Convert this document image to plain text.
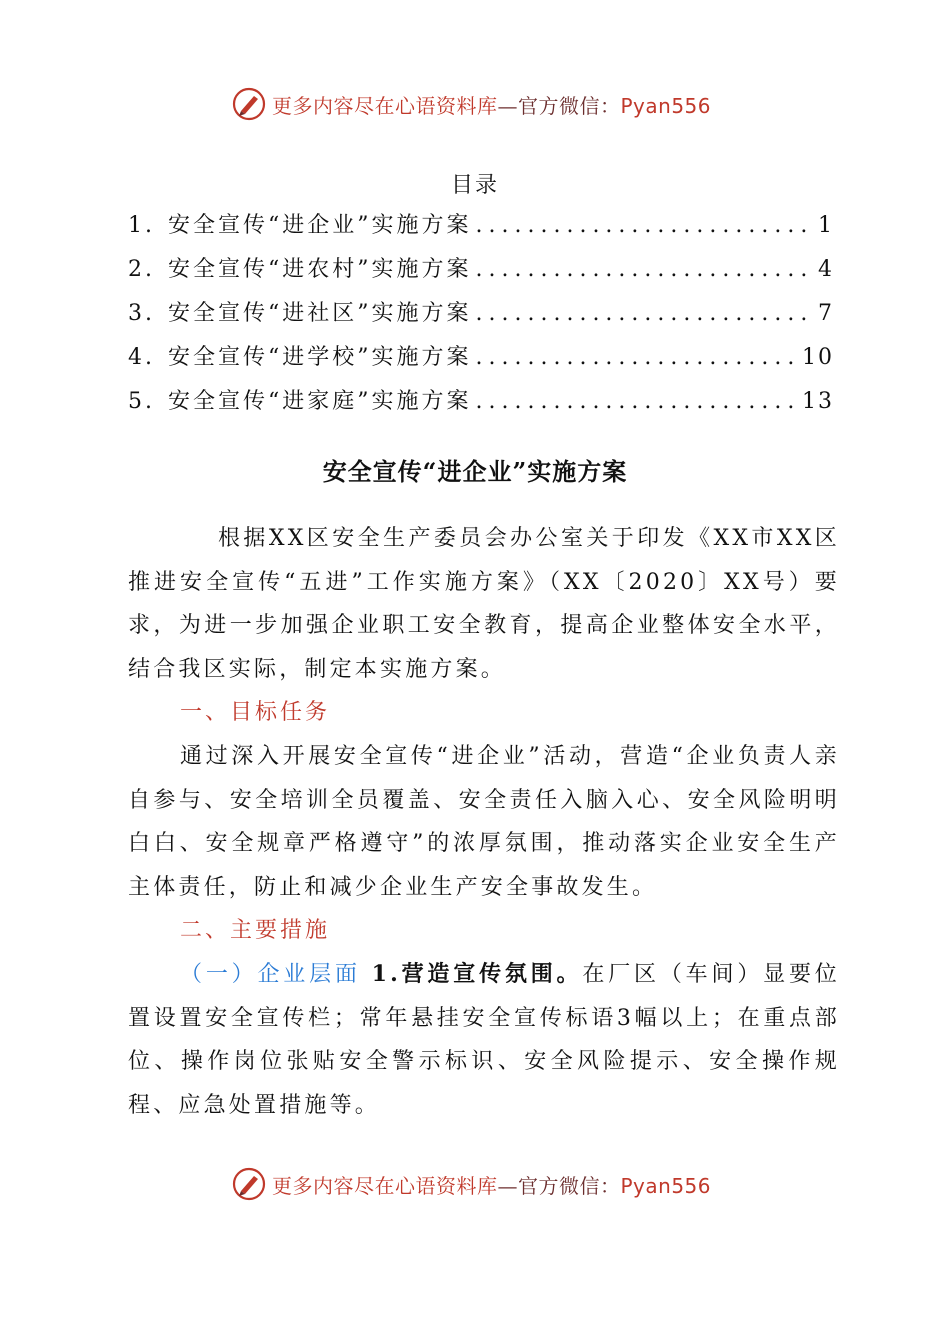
更多内容尽在心语资料库—官方微信：Pyan556
目录
1. 安全宣传“进企业”实施方案 .....	1
2. 安全宣传“进农村”实施方案 .....	4
3. 安全宣传“进社区”实施方案 .....	7
4. 安全宣传“进学校”实施方案 .....	10
5. 安全宣传“进家庭”实施方案 .....	13
安全宣传“进企业”实施方案

根据XX区安全生产委员会办公室关于印发《XX市XX区推进安全宣传“五进”工作实施方案》（XX〔2020〕XX号）要求，为进一步加强企业职工安全教育，提高企业整体安全水平，结合我区实际，制定本实施方案。

一、目标任务

通过深入开展安全宣传“进企业”活动，营造“企业负责人亲自参与、安全培训全员覆盖、安全责任入脑入心、安全风险明明白白、安全规章严格遵守”的浓厚氛围，推动落实企业安全生产主体责任，防止和减少企业生产安全事故发生。

二、主要措施

（一）企业层面 1.营造宣传氛围。在厂区（车间）显要位置设置安全宣传栏；常年悬挂安全宣传标语3幅以上；在重点部位、操作岗位张贴安全警示标识、安全风险提示、安全操作规程、应急处置措施等。

更多内容尽在心语资料库—官方微信：Pyan556
